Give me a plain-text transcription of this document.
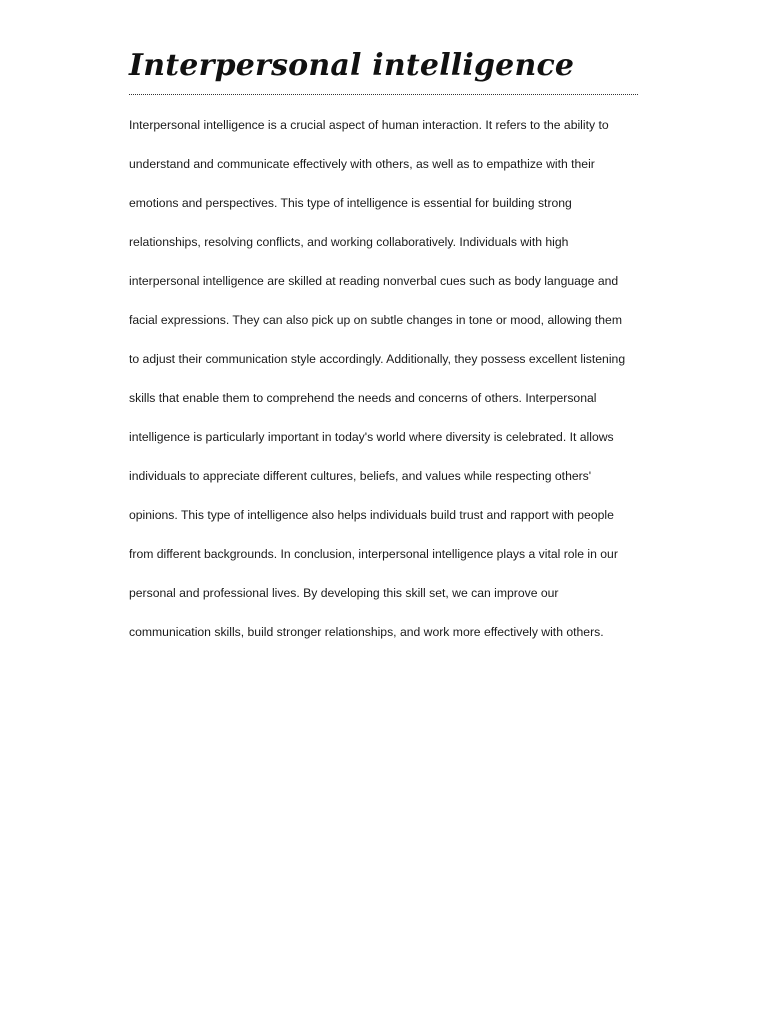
Interpersonal intelligence
Interpersonal intelligence is a crucial aspect of human interaction. It refers to the ability to
understand and communicate effectively with others, as well as to empathize with their
emotions and perspectives. This type of intelligence is essential for building strong
relationships, resolving conflicts, and working collaboratively. Individuals with high
interpersonal intelligence are skilled at reading nonverbal cues such as body language and
facial expressions. They can also pick up on subtle changes in tone or mood, allowing them
to adjust their communication style accordingly. Additionally, they possess excellent listening
skills that enable them to comprehend the needs and concerns of others. Interpersonal
intelligence is particularly important in today's world where diversity is celebrated. It allows
individuals to appreciate different cultures, beliefs, and values while respecting others'
opinions. This type of intelligence also helps individuals build trust and rapport with people
from different backgrounds. In conclusion, interpersonal intelligence plays a vital role in our
personal and professional lives. By developing this skill set, we can improve our
communication skills, build stronger relationships, and work more effectively with others.
